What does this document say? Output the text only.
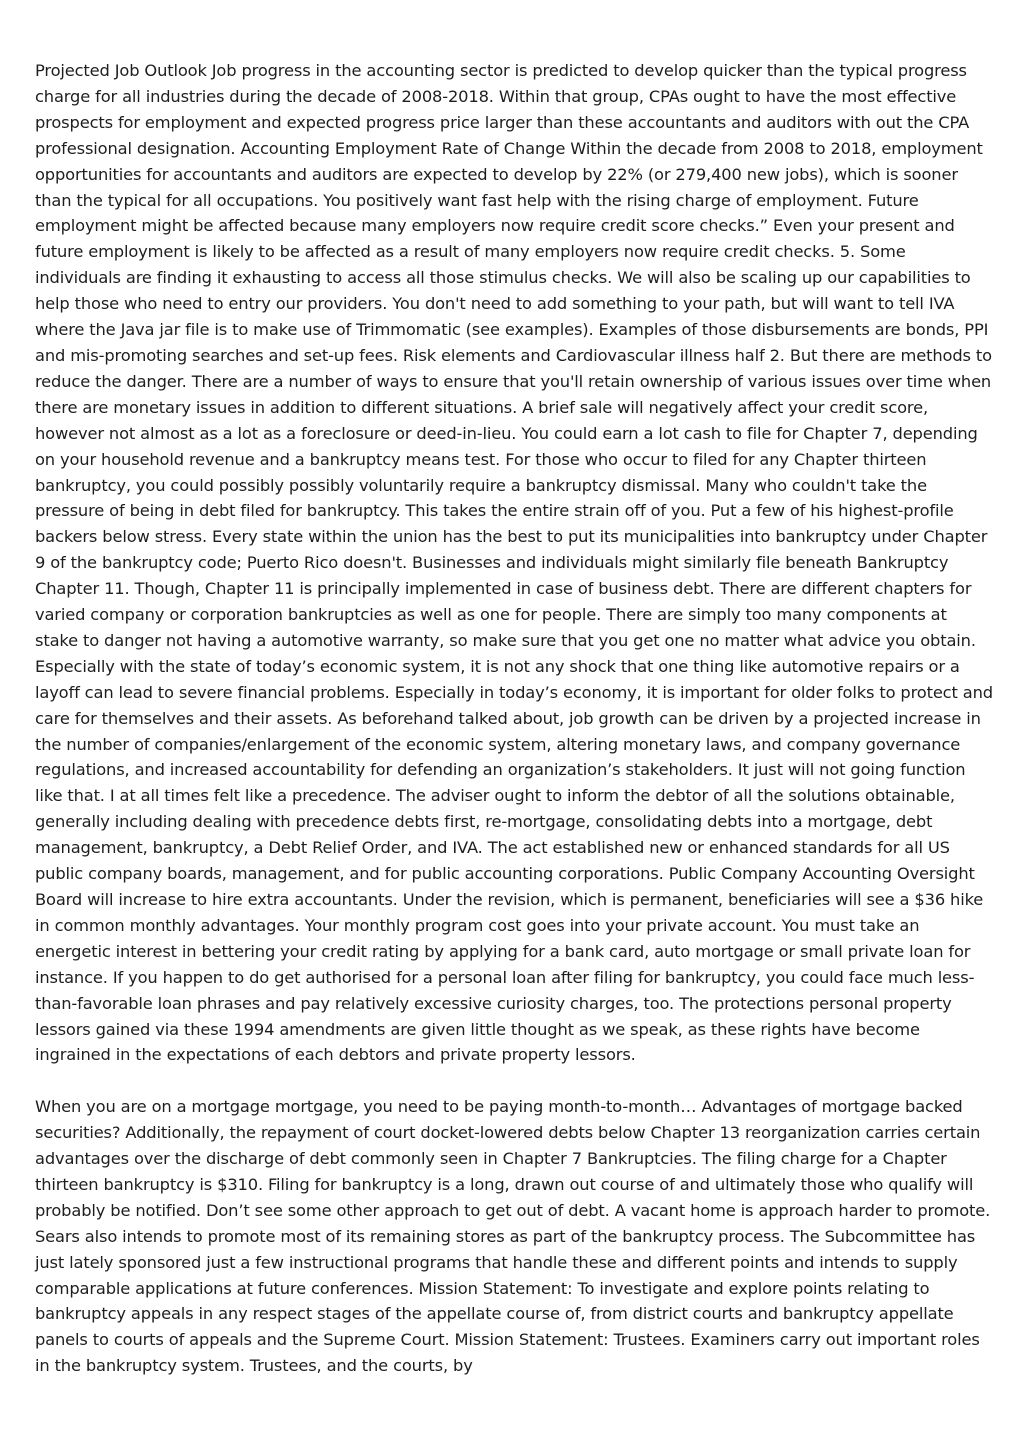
Projected Job Outlook Job progress in the accounting sector is predicted to develop quicker than the typical progress charge for all industries during the decade of 2008-2018. Within that group, CPAs ought to have the most effective prospects for employment and expected progress price larger than these accountants and auditors with out the CPA professional designation. Accounting Employment Rate of Change Within the decade from 2008 to 2018, employment opportunities for accountants and auditors are expected to develop by 22% (or 279,400 new jobs), which is sooner than the typical for all occupations. You positively want fast help with the rising charge of employment. Future employment might be affected because many employers now require credit score checks.” Even your present and future employment is likely to be affected as a result of many employers now require credit checks. 5. Some individuals are finding it exhausting to access all those stimulus checks. We will also be scaling up our capabilities to help those who need to entry our providers. You don't need to add something to your path, but will want to tell IVA where the Java jar file is to make use of Trimmomatic (see examples). Examples of those disbursements are bonds, PPI and mis-promoting searches and set-up fees. Risk elements and Cardiovascular illness half 2. But there are methods to reduce the danger. There are a number of ways to ensure that you'll retain ownership of various issues over time when there are monetary issues in addition to different situations. A brief sale will negatively affect your credit score, however not almost as a lot as a foreclosure or deed-in-lieu. You could earn a lot cash to file for Chapter 7, depending on your household revenue and a bankruptcy means test. For those who occur to filed for any Chapter thirteen bankruptcy, you could possibly possibly voluntarily require a bankruptcy dismissal. Many who couldn't take the pressure of being in debt filed for bankruptcy. This takes the entire strain off of you. Put a few of his highest-profile backers below stress. Every state within the union has the best to put its municipalities into bankruptcy under Chapter 9 of the bankruptcy code; Puerto Rico doesn't. Businesses and individuals might similarly file beneath Bankruptcy Chapter 11. Though, Chapter 11 is principally implemented in case of business debt. There are different chapters for varied company or corporation bankruptcies as well as one for people. There are simply too many components at stake to danger not having a automotive warranty, so make sure that you get one no matter what advice you obtain. Especially with the state of today’s economic system, it is not any shock that one thing like automotive repairs or a layoff can lead to severe financial problems. Especially in today’s economy, it is important for older folks to protect and care for themselves and their assets. As beforehand talked about, job growth can be driven by a projected increase in the number of companies/enlargement of the economic system, altering monetary laws, and company governance regulations, and increased accountability for defending an organization’s stakeholders. It just will not going function like that. I at all times felt like a precedence. The adviser ought to inform the debtor of all the solutions obtainable, generally including dealing with precedence debts first, re-mortgage, consolidating debts into a mortgage, debt management, bankruptcy, a Debt Relief Order, and IVA. The act established new or enhanced standards for all US public company boards, management, and for public accounting corporations. Public Company Accounting Oversight Board will increase to hire extra accountants. Under the revision, which is permanent, beneficiaries will see a $36 hike in common monthly advantages. Your monthly program cost goes into your private account. You must take an energetic interest in bettering your credit rating by applying for a bank card, auto mortgage or small private loan for instance. If you happen to do get authorised for a personal loan after filing for bankruptcy, you could face much less-than-favorable loan phrases and pay relatively excessive curiosity charges, too. The protections personal property lessors gained via these 1994 amendments are given little thought as we speak, as these rights have become ingrained in the expectations of each debtors and private property lessors.

When you are on a mortgage mortgage, you need to be paying month-to-month… Advantages of mortgage backed securities? Additionally, the repayment of court docket-lowered debts below Chapter 13 reorganization carries certain advantages over the discharge of debt commonly seen in Chapter 7 Bankruptcies. The filing charge for a Chapter thirteen bankruptcy is $310. Filing for bankruptcy is a long, drawn out course of and ultimately those who qualify will probably be notified. Don’t see some other approach to get out of debt. A vacant home is approach harder to promote. Sears also intends to promote most of its remaining stores as part of the bankruptcy process. The Subcommittee has just lately sponsored just a few instructional programs that handle these and different points and intends to supply comparable applications at future conferences. Mission Statement: To investigate and explore points relating to bankruptcy appeals in any respect stages of the appellate course of, from district courts and bankruptcy appellate panels to courts of appeals and the Supreme Court. Mission Statement: Trustees. Examiners carry out important roles in the bankruptcy system. Trustees, and the courts, by
